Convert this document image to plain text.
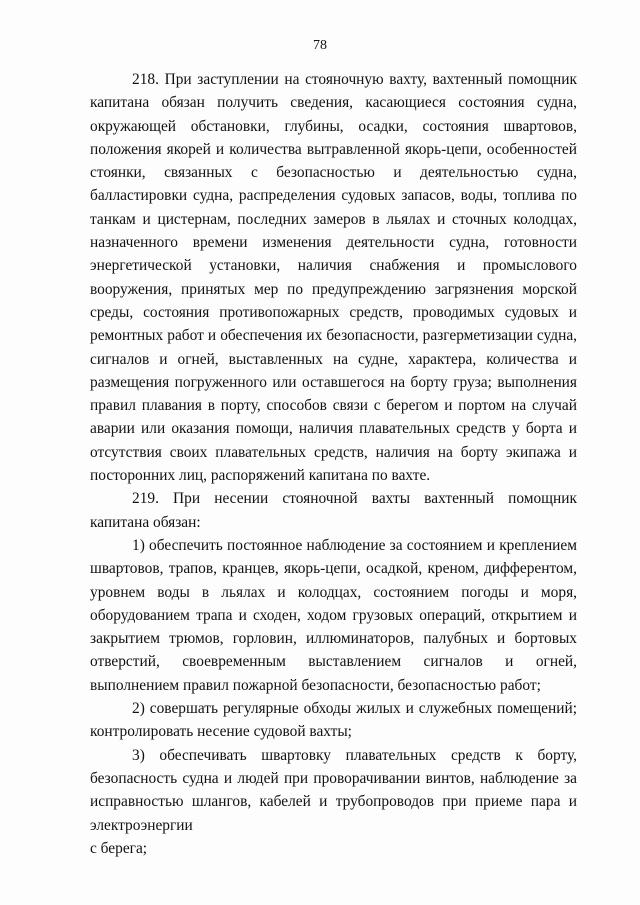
78

218. При заступлении на стояночную вахту, вахтенный помощник капитана обязан получить сведения, касающиеся состояния судна, окружающей обстановки, глубины, осадки, состояния швартовов, положения якорей и количества вытравленной якорь-цепи, особенностей стоянки, связанных с безопасностью и деятельностью судна, балластировки судна, распределения судовых запасов, воды, топлива по танкам и цистернам, последних замеров в льялах и сточных колодцах, назначенного времени изменения деятельности судна, готовности энергетической установки, наличия снабжения и промыслового вооружения, принятых мер по предупреждению загрязнения морской среды, состояния противопожарных средств, проводимых судовых и ремонтных работ и обеспечения их безопасности, разгерметизации судна, сигналов и огней, выставленных на судне, характера, количества и размещения погруженного или оставшегося на борту груза; выполнения правил плавания в порту, способов связи с берегом и портом на случай аварии или оказания помощи, наличия плавательных средств у борта и отсутствия своих плавательных средств, наличия на борту экипажа и посторонних лиц, распоряжений капитана по вахте.

219. При несении стояночной вахты вахтенный помощник капитана обязан:

1) обеспечить постоянное наблюдение за состоянием и креплением швартовов, трапов, кранцев, якорь-цепи, осадкой, креном, дифферентом, уровнем воды в льялах и колодцах, состоянием погоды и моря, оборудованием трапа и сходен, ходом грузовых операций, открытием и закрытием трюмов, горловин, иллюминаторов, палубных и бортовых отверстий, своевременным выставлением сигналов и огней, выполнением правил пожарной безопасности, безопасностью работ;

2) совершать регулярные обходы жилых и служебных помещений; контролировать несение судовой вахты;

3) обеспечивать швартовку плавательных средств к борту, безопасность судна и людей при проворачивании винтов, наблюдение за исправностью шлангов, кабелей и трубопроводов при приеме пара и электроэнергии

с берега;
